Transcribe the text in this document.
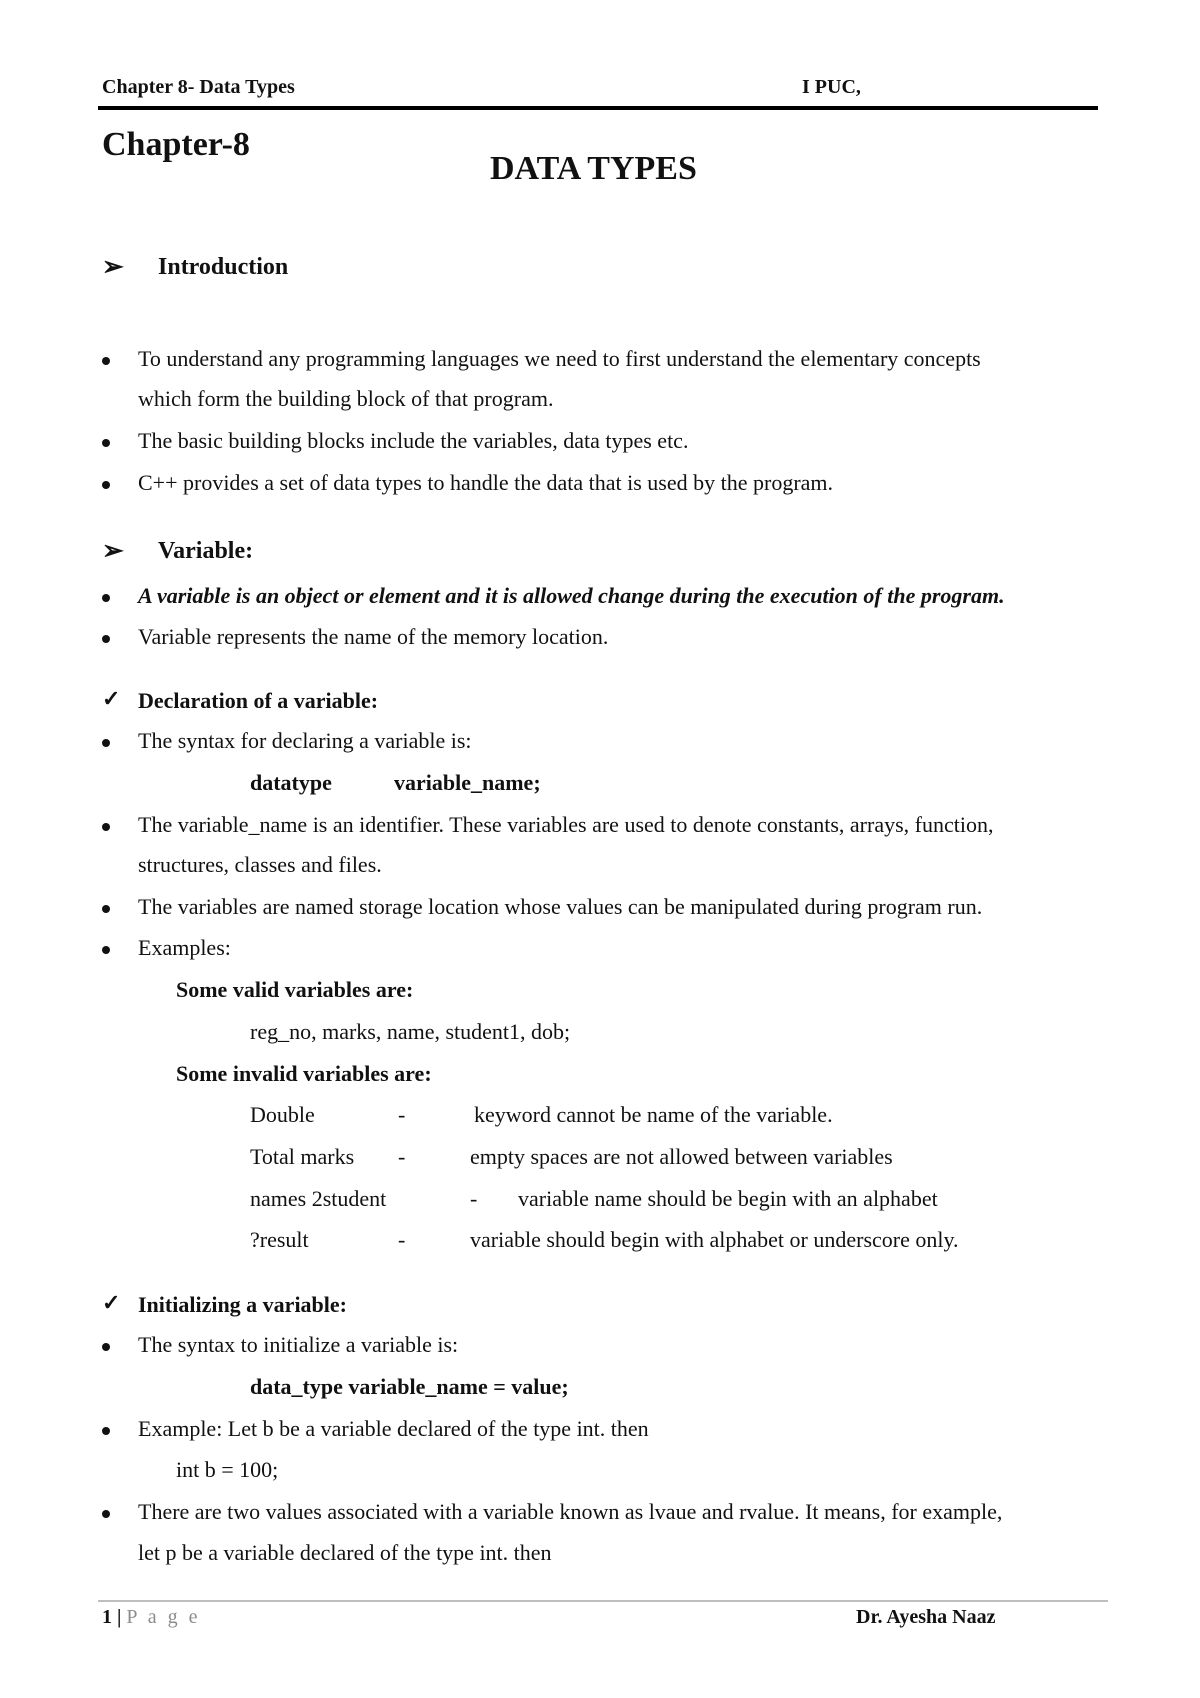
Chapter 8- Data Types	I PUC,
Chapter-8
DATA TYPES
➢ Introduction
To understand any programming languages we need to first understand the elementary concepts
which form the building block of that program.
The basic building blocks include the variables, data types etc.
C++ provides a set of data types to handle the data that is used by the program.
➢ Variable:
A variable is an object or element and it is allowed change during the execution of the program.
Variable represents the name of the memory location.
✓ Declaration of a variable:
The syntax for declaring a variable is:
datatype	variable_name;
The variable_name is an identifier. These variables are used to denote constants, arrays, function,
structures, classes and files.
The variables are named storage location whose values can be manipulated during program run.
Examples:
Some valid variables are:
reg_no, marks, name, student1, dob;
Some invalid variables are:
Double	-	keyword cannot be name of the variable.
Total marks -	empty spaces are not allowed between variables
names 2student	- variable name should be begin with an alphabet
?result	-	variable should begin with alphabet or underscore only.
✓ Initializing a variable:
The syntax to initialize a variable is:
data_type variable_name = value;
Example: Let b be a variable declared of the type int. then
int b = 100;
There are two values associated with a variable known as lvaue and rvalue. It means, for example,
let p be a variable declared of the type int. then
1 | P a g e	Dr. Ayesha Naaz
